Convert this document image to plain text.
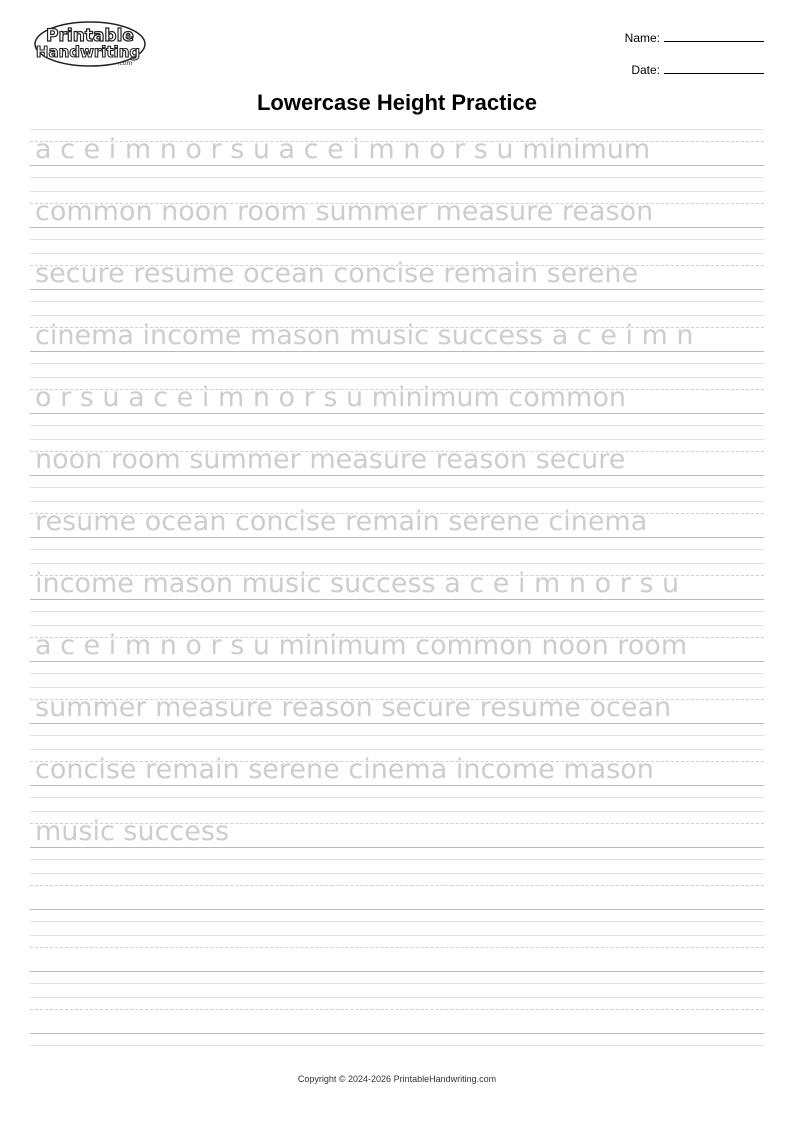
Printable
Handwriting
.com
Name:
Date:
Lowercase Height Practice
a c e i m n o r s u a c e i m n o r s u minimum
common noon room summer measure reason
secure resume ocean concise remain serene
cinema income mason music success a c e i m n
o r s u a c e i m n o r s u minimum common
noon room summer measure reason secure
resume ocean concise remain serene cinema
income mason music success a c e i m n o r s u
a c e i m n o r s u minimum common noon room
summer measure reason secure resume ocean
concise remain serene cinema income mason
music success
Copyright © 2024-2026 PrintableHandwriting.com
